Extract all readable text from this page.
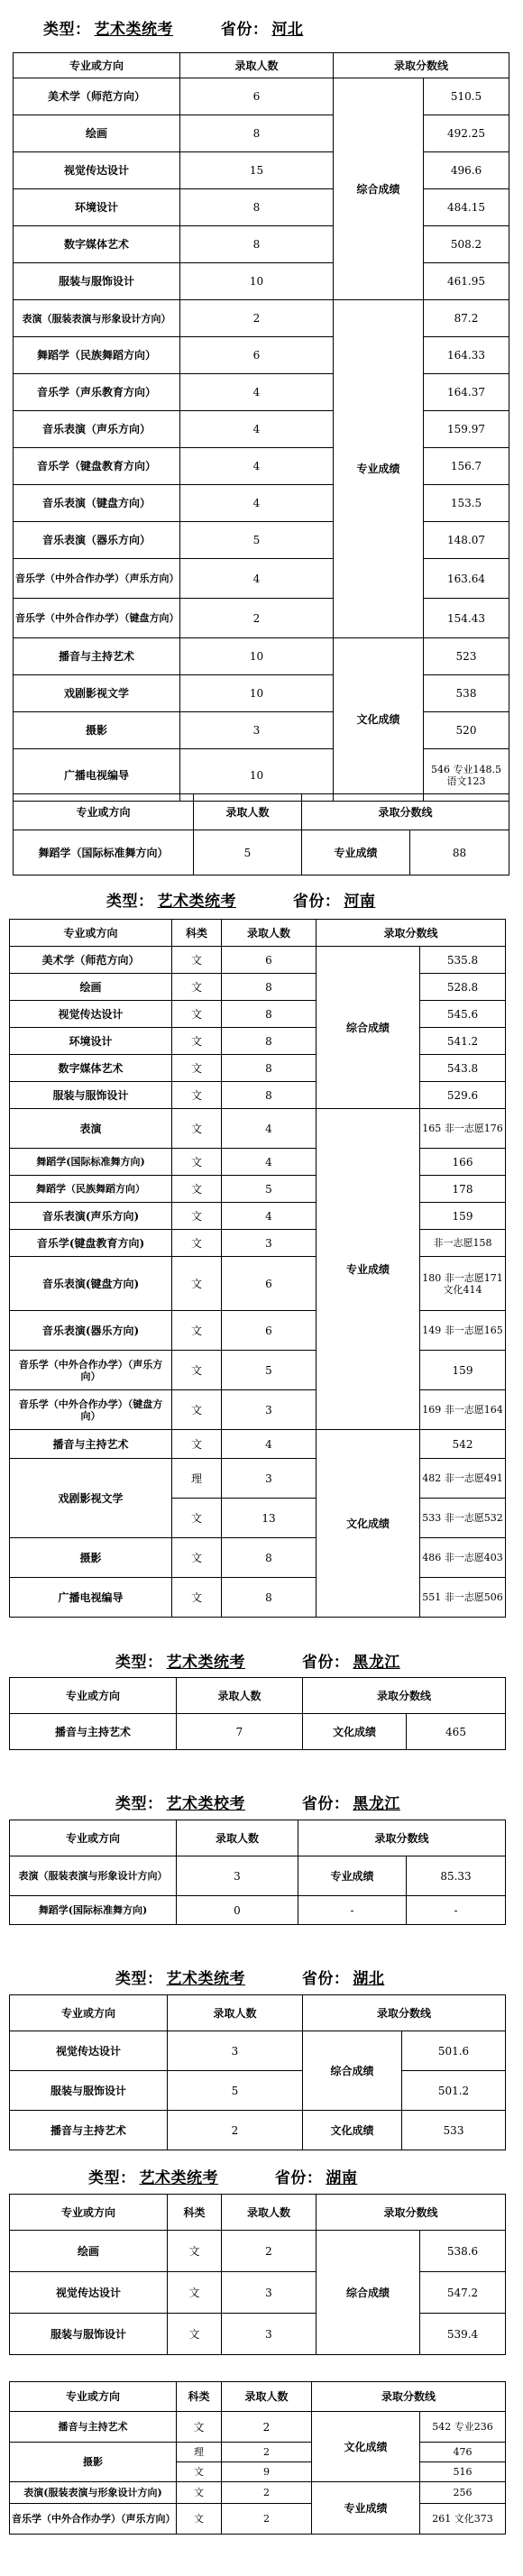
类型： 艺术类统考	省份： 河北
专业或方向	录取人数	录取分数线	
美术学（师范方向）	6	综合成绩	510.5
绘画	8		492.25
视觉传达设计	15		496.6
环境设计	8		484.15
数字媒体艺术	8		508.2
服装与服饰设计	10		461.95
表演（服装表演与形象设计方向）	2	专业成绩	87.2
舞蹈学（民族舞蹈方向）	6		164.33
音乐学（声乐教育方向）	4		164.37
音乐表演（声乐方向）	4		159.97
音乐学（键盘教育方向）	4		156.7
音乐表演（键盘方向）	4		153.5
音乐表演（器乐方向）	5		148.07
音乐学（中外合作办学）（声乐方向）	4		163.64
音乐学（中外合作办学）（键盘方向）	2		154.43
播音与主持艺术	10	文化成绩	523
戏剧影视文学	10		538
摄影	3		520
广播电视编导	10		546 专业148.5 语文123
专业或方向	录取人数	录取分数线	
舞蹈学（国际标准舞方向）	5	专业成绩	88
类型： 艺术类统考	省份： 河南
专业或方向	科类	录取人数	录取分数线	
美术学（师范方向）	文	6	综合成绩	535.8
绘画	文	8		528.8
视觉传达设计	文	8		545.6
环境设计	文	8		541.2
数字媒体艺术	文	8		543.8
服装与服饰设计	文	8		529.6
表演	文	4	专业成绩	165 非一志愿176
舞蹈学(国际标准舞方向)	文	4		166
舞蹈学（民族舞蹈方向）	文	5		178
音乐表演(声乐方向)	文	4		159
音乐学(键盘教育方向)	文	3		非一志愿158
音乐表演(键盘方向)	文	6		180 非一志愿171 文化414
音乐表演(器乐方向)	文	6		149 非一志愿165
音乐学（中外合作办学）（声乐方向）	文	5		159
音乐学（中外合作办学）（键盘方向）	文	3		169 非一志愿164
播音与主持艺术	文	4	文化成绩	542
戏剧影视文学	理	3		482 非一志愿491
	文	13		533 非一志愿532
摄影	文	8		486 非一志愿403
广播电视编导	文	8		551 非一志愿506
类型： 艺术类统考	省份： 黑龙江
专业或方向	录取人数	录取分数线	
播音与主持艺术	7	文化成绩	465
类型： 艺术类校考	省份： 黑龙江
专业或方向	录取人数	录取分数线	
表演（服装表演与形象设计方向）	3	专业成绩	85.33
舞蹈学(国际标准舞方向)	0	-	-
类型： 艺术类统考	省份： 湖北
专业或方向	录取人数	录取分数线	
视觉传达设计	3	综合成绩	501.6
服装与服饰设计	5		501.2
播音与主持艺术	2	文化成绩	533
类型： 艺术类统考	省份： 湖南
专业或方向	科类	录取人数	录取分数线	
绘画	文	2	综合成绩	538.6
视觉传达设计	文	3		547.2
服装与服饰设计	文	3		539.4
专业或方向	科类	录取人数	录取分数线	
播音与主持艺术	文	2	文化成绩	542 专业236
摄影	理	2		476
	文	9		516
表演(服装表演与形象设计方向)	文	2	专业成绩	256
音乐学（中外合作办学）（声乐方向）	文	2		261 文化373
